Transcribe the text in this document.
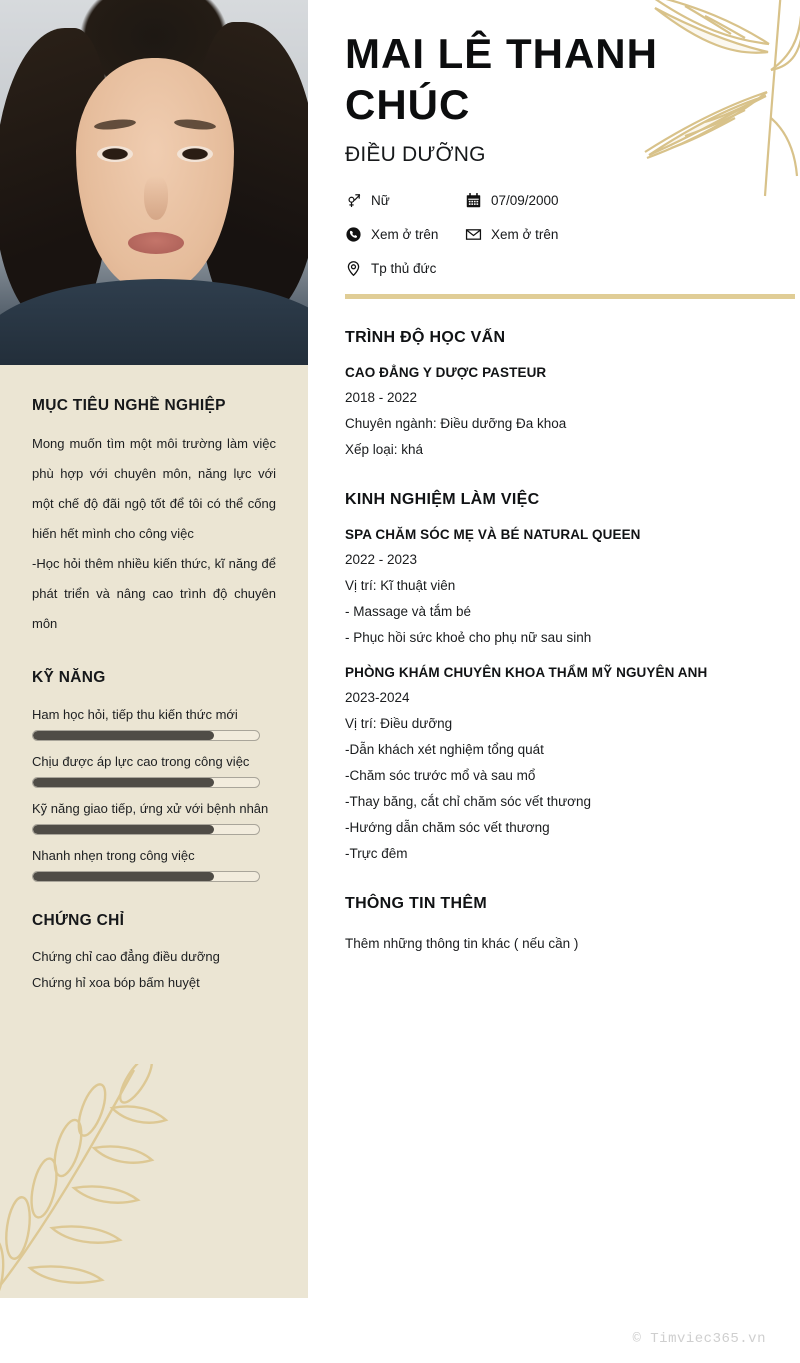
MỤC TIÊU NGHỀ NGHIỆP
Mong muốn tìm một môi trường làm việc phù hợp với chuyên môn, năng lực với một chế độ đãi ngộ tốt để tôi có thể cống hiến hết mình cho công việc
-Học hỏi thêm nhiều kiến thức, kĩ năng để phát triển và nâng cao trình độ chuyên môn
KỸ NĂNG
Ham học hỏi, tiếp thu kiến thức mới
Chịu được áp lực cao trong công việc
Kỹ năng giao tiếp, ứng xử với bệnh nhân
Nhanh nhẹn trong công việc
CHỨNG CHỈ
Chứng chỉ cao đẳng điều dưỡng
Chứng hỉ xoa bóp bấm huyệt
MAI LÊ THANH CHÚC
ĐIỀU DƯỠNG
Nữ	07/09/2000
Xem ở trên	Xem ở trên
Tp thủ đức
TRÌNH ĐỘ HỌC VẤN
CAO ĐẲNG Y DƯỢC PASTEUR
2018 - 2022
Chuyên ngành: Điều dưỡng Đa khoa
Xếp loại: khá
KINH NGHIỆM LÀM VIỆC
SPA CHĂM SÓC MẸ VÀ BÉ NATURAL QUEEN
2022 - 2023
Vị trí: Kĩ thuật viên
- Massage và tắm bé
- Phục hồi sức khoẻ cho phụ nữ sau sinh
PHÒNG KHÁM CHUYÊN KHOA THẨM MỸ NGUYÊN ANH
2023-2024
Vị trí: Điều dưỡng
-Dẫn khách xét nghiệm tổng quát
-Chăm sóc trước mổ và sau mổ
-Thay băng, cắt chỉ chăm sóc vết thương
-Hướng dẫn chăm sóc vết thương
-Trực đêm
THÔNG TIN THÊM
Thêm những thông tin khác ( nếu cần )
© Timviec365.vn
